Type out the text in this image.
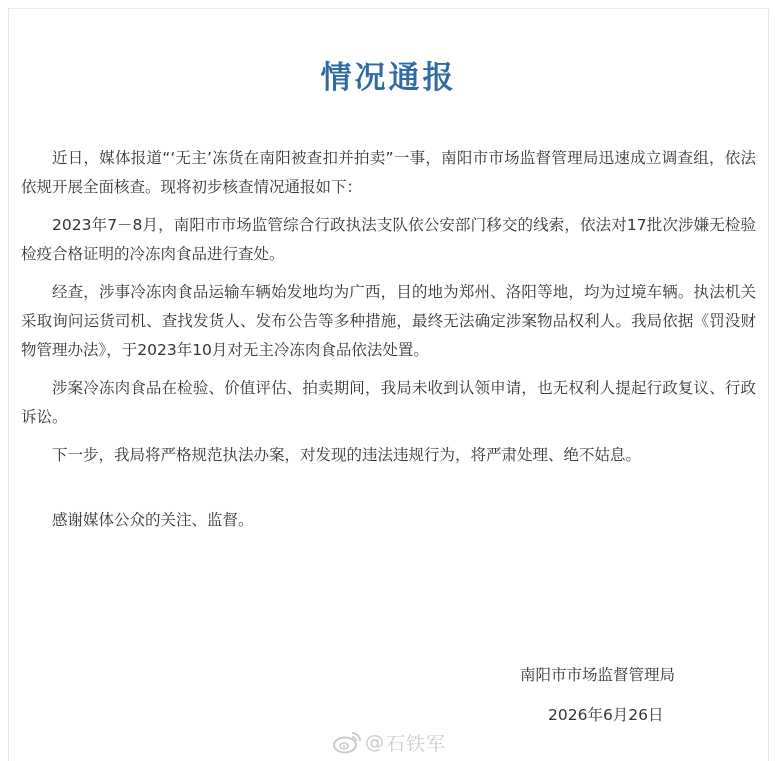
情况通报

近日，媒体报道“‘无主’冻货在南阳被查扣并拍卖”一事，南阳市市场监督管理局迅速成立调查组，依法依规开展全面核查。现将初步核查情况通报如下：

2023年7－8月，南阳市市场监管综合行政执法支队依公安部门移交的线索，依法对17批次涉嫌无检验检疫合格证明的冷冻肉食品进行查处。

经查，涉事冷冻肉食品运输车辆始发地均为广西，目的地为郑州、洛阳等地，均为过境车辆。执法机关采取询问运货司机、查找发货人、发布公告等多种措施，最终无法确定涉案物品权利人。我局依据《罚没财物管理办法》，于2023年10月对无主冷冻肉食品依法处置。

涉案冷冻肉食品在检验、价值评估、拍卖期间，我局未收到认领申请，也无权利人提起行政复议、行政诉讼。

下一步，我局将严格规范执法办案，对发现的违法违规行为，将严肃处理、绝不姑息。

感谢媒体公众的关注、监督。

南阳市市场监督管理局
2026年6月26日
@ 石铁军
